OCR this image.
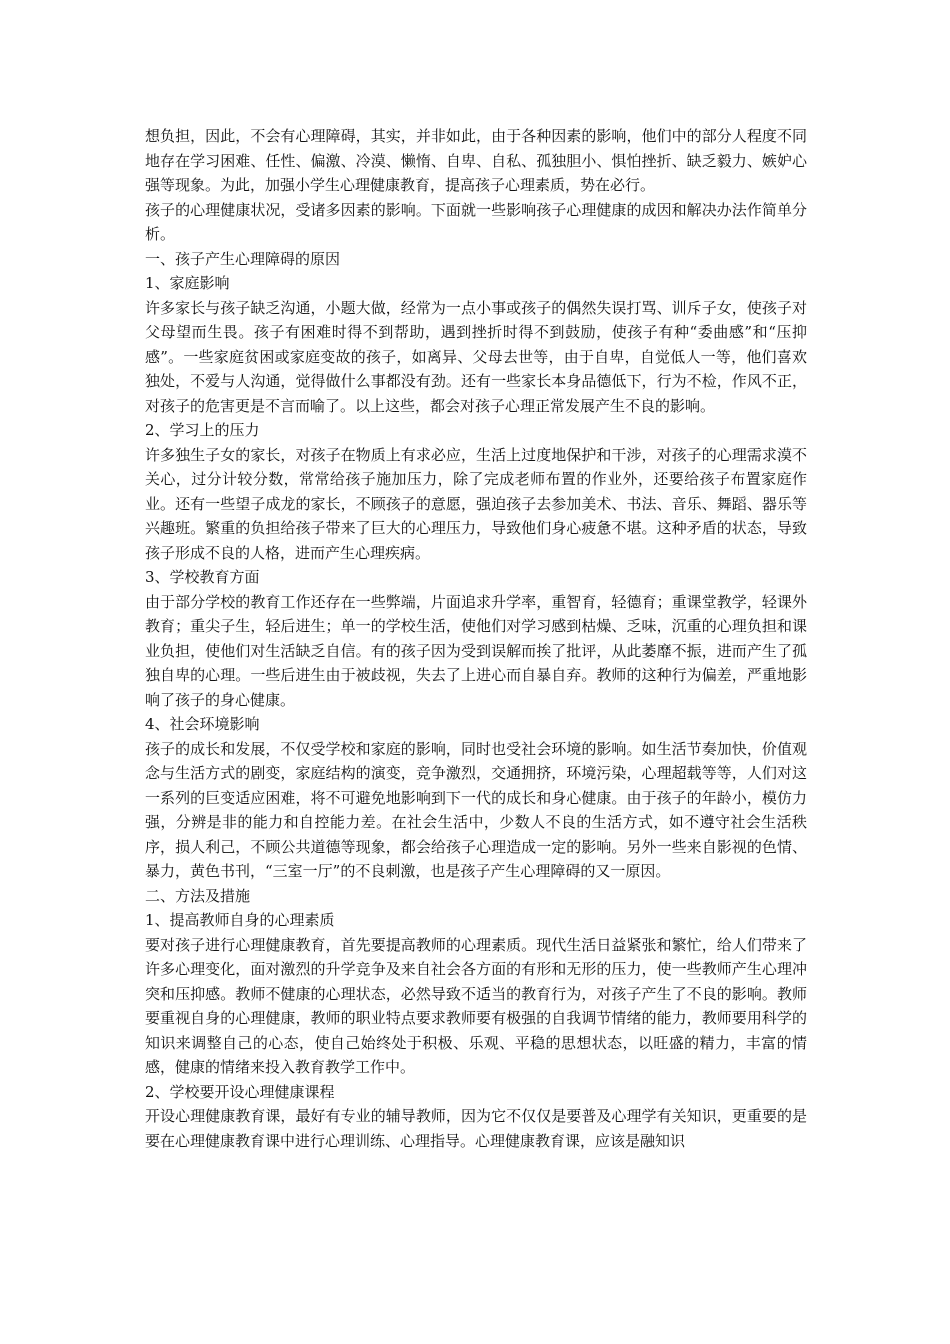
想负担，因此，不会有心理障碍，其实，并非如此，由于各种因素的影响，他们中的部分人程度不同地存在学习困难、任性、偏激、冷漠、懒惰、自卑、自私、孤独胆小、惧怕挫折、缺乏毅力、嫉妒心强等现象。为此，加强小学生心理健康教育，提高孩子心理素质，势在必行。

孩子的心理健康状况，受诸多因素的影响。下面就一些影响孩子心理健康的成因和解决办法作简单分析。

一、孩子产生心理障碍的原因

1、家庭影响

许多家长与孩子缺乏沟通，小题大做，经常为一点小事或孩子的偶然失误打骂、训斥子女，使孩子对父母望而生畏。孩子有困难时得不到帮助，遇到挫折时得不到鼓励，使孩子有种“委曲感”和“压抑感”。一些家庭贫困或家庭变故的孩子，如离异、父母去世等，由于自卑，自觉低人一等，他们喜欢独处，不爱与人沟通，觉得做什么事都没有劲。还有一些家长本身品德低下，行为不检，作风不正，对孩子的危害更是不言而喻了。以上这些，都会对孩子心理正常发展产生不良的影响。

2、学习上的压力

许多独生子女的家长，对孩子在物质上有求必应，生活上过度地保护和干涉，对孩子的心理需求漠不关心，过分计较分数，常常给孩子施加压力，除了完成老师布置的作业外，还要给孩子布置家庭作业。还有一些望子成龙的家长，不顾孩子的意愿，强迫孩子去参加美术、书法、音乐、舞蹈、器乐等兴趣班。繁重的负担给孩子带来了巨大的心理压力，导致他们身心疲惫不堪。这种矛盾的状态，导致孩子形成不良的人格，进而产生心理疾病。

3、学校教育方面

由于部分学校的教育工作还存在一些弊端，片面追求升学率，重智育，轻德育；重课堂教学，轻课外教育；重尖子生，轻后进生；单一的学校生活，使他们对学习感到枯燥、乏味，沉重的心理负担和课业负担，使他们对生活缺乏自信。有的孩子因为受到误解而挨了批评，从此萎靡不振，进而产生了孤独自卑的心理。一些后进生由于被歧视，失去了上进心而自暴自弃。教师的这种行为偏差，严重地影响了孩子的身心健康。

4、社会环境影响

孩子的成长和发展，不仅受学校和家庭的影响，同时也受社会环境的影响。如生活节奏加快，价值观念与生活方式的剧变，家庭结构的演变，竞争激烈，交通拥挤，环境污染，心理超载等等，人们对这一系列的巨变适应困难，将不可避免地影响到下一代的成长和身心健康。由于孩子的年龄小，模仿力强，分辨是非的能力和自控能力差。在社会生活中，少数人不良的生活方式，如不遵守社会生活秩序，损人利己，不顾公共道德等现象，都会给孩子心理造成一定的影响。另外一些来自影视的色情、暴力，黄色书刊，“三室一厅”的不良刺激，也是孩子产生心理障碍的又一原因。

二、方法及措施

1、提高教师自身的心理素质

要对孩子进行心理健康教育，首先要提高教师的心理素质。现代生活日益紧张和繁忙，给人们带来了许多心理变化，面对激烈的升学竞争及来自社会各方面的有形和无形的压力，使一些教师产生心理冲突和压抑感。教师不健康的心理状态，必然导致不适当的教育行为，对孩子产生了不良的影响。教师要重视自身的心理健康，教师的职业特点要求教师要有极强的自我调节情绪的能力，教师要用科学的知识来调整自己的心态，使自己始终处于积极、乐观、平稳的思想状态，以旺盛的精力，丰富的情感，健康的情绪来投入教育教学工作中。

2、学校要开设心理健康课程

开设心理健康教育课，最好有专业的辅导教师，因为它不仅仅是要普及心理学有关知识，更重要的是要在心理健康教育课中进行心理训练、心理指导。心理健康教育课，应该是融知识
